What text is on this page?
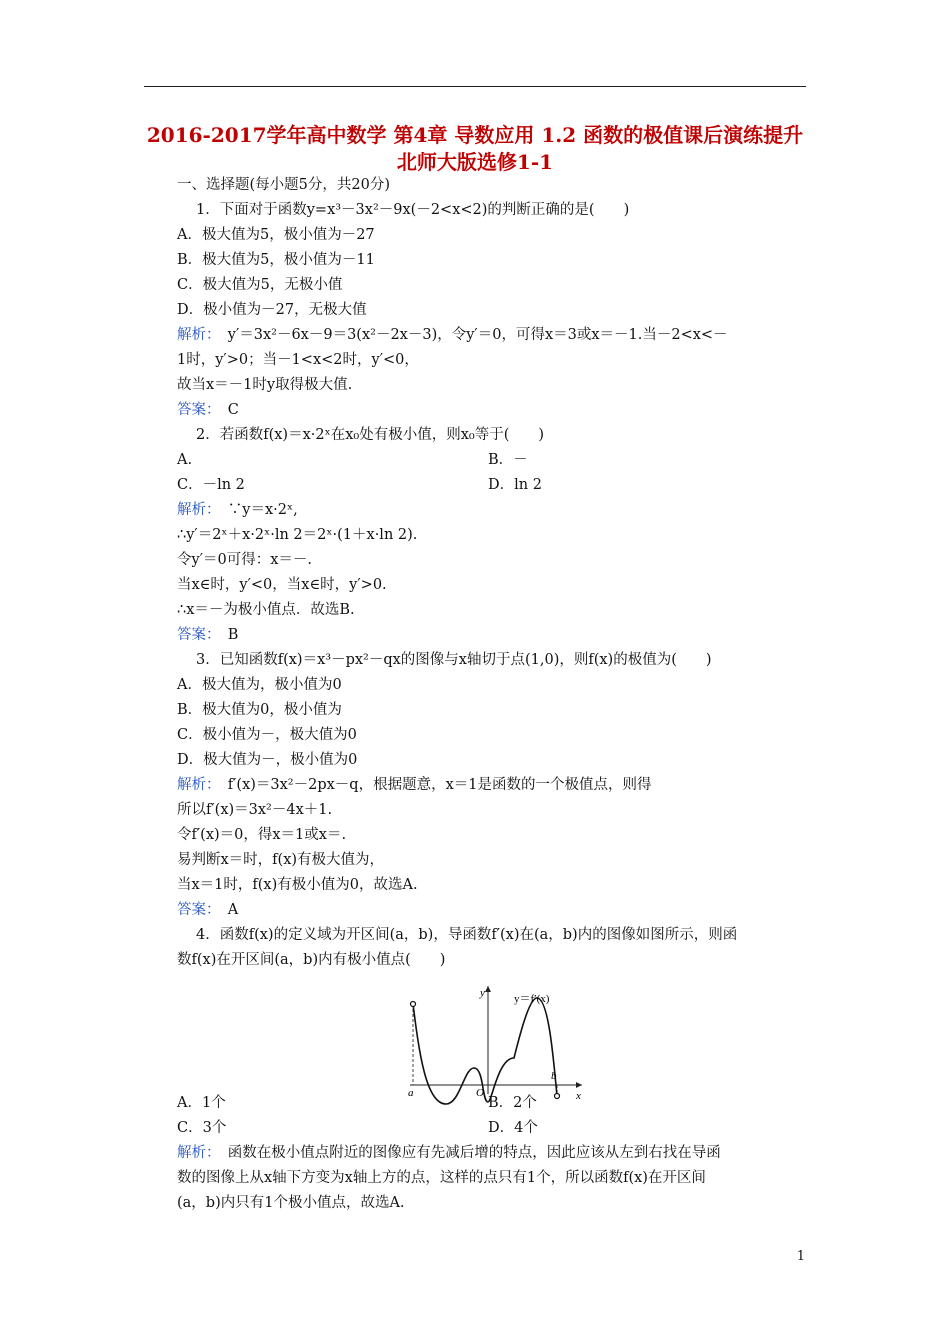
2016-2017学年高中数学 第4章 导数应用 1.2 函数的极值课后演练提升 北师大版选修1-1
一、选择题(每小题5分，共20分)
1．下面对于函数y=x³－3x²－9x(－2<x<2)的判断正确的是(　　)
A．极大值为5，极小值为－27
B．极大值为5，极小值为－11
C．极大值为5，无极小值
D．极小值为－27，无极大值
解析：　 y′＝3x²－6x－9＝3(x²－2x－3)，令y′＝0，可得x＝3或x＝－1.当－2<x<－
1时，y′>0；当－1<x<2时，y′<0，
故当x＝－1时y取得极大值.
答案：　 C
2．若函数f(x)＝x·2ˣ在x₀处有极小值，则x₀等于(　　)
A.	B．－
C．－ln 2	D．ln 2
解析：　 ∵y＝x·2ˣ,
∴y′＝2ˣ＋x·2ˣ·ln 2＝2ˣ·(1＋x·ln 2).
令y′＝0可得：x＝－.
当x∈时，y′<0，当x∈时，y′>0.
∴x＝－为极小值点．故选B.
答案：　 B
3．已知函数f(x)＝x³－px²－qx的图像与x轴切于点(1,0)，则f(x)的极值为(　　)
A．极大值为，极小值为0
B．极大值为0，极小值为
C．极小值为－，极大值为0
D．极大值为－，极小值为0
解析：　 f′(x)＝3x²－2px－q，根据题意，x＝1是函数的一个极值点，则得
所以f′(x)＝3x²－4x＋1.
令f′(x)＝0，得x＝1或x＝.
易判断x＝时，f(x)有极大值为，
当x＝1时，f(x)有极小值为0，故选A.
答案：　 A
4．函数f(x)的定义域为开区间(a，b)，导函数f′(x)在(a，b)内的图像如图所示，则函
数f(x)在开区间(a，b)内有极小值点(　　)
y
x
O
a
b
y＝f′(x)
A．1个	B．2个
C．3个	D．4个
解析：　 函数在极小值点附近的图像应有先减后增的特点，因此应该从左到右找在导函
数的图像上从x轴下方变为x轴上方的点，这样的点只有1个，所以函数f(x)在开区间
(a，b)内只有1个极小值点，故选A.
1
